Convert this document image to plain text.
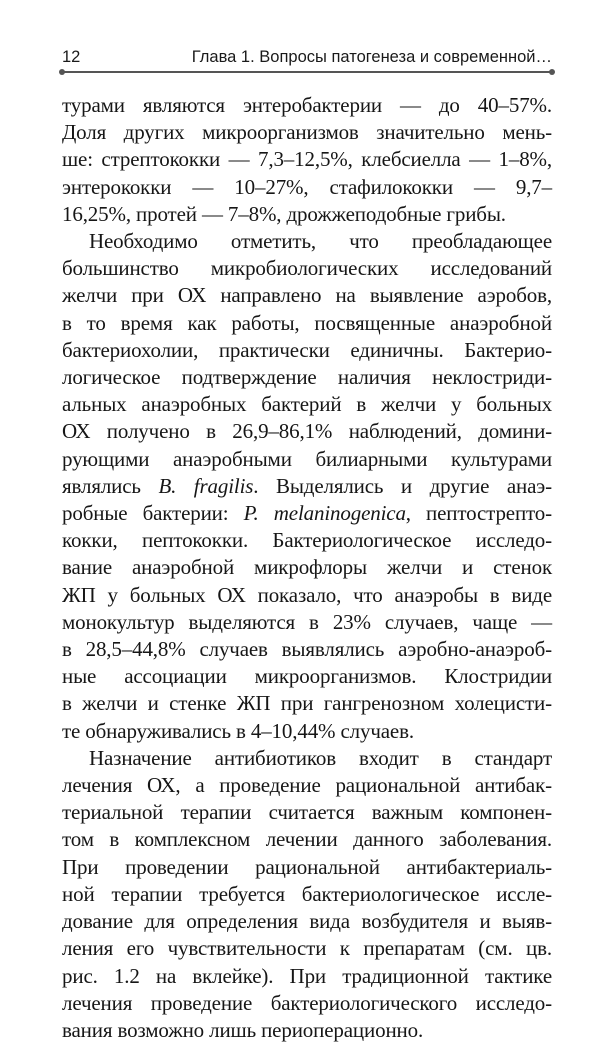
12	Глава 1. Вопросы патогенеза и современной…
турами являются энтеробактерии — до 40–57%.
Доля других микроорганизмов значительно мень-
ше: стрептококки — 7,3–12,5%, клебсиелла — 1–8%,
энтерококки — 10–27%, стафилококки — 9,7–
16,25%, протей — 7–8%, дрожжеподобные грибы.
Необходимо отметить, что преобладающее
большинство микробиологических исследований
желчи при ОХ направлено на выявление аэробов,
в то время как работы, посвященные анаэробной
бактериохолии, практически единичны. Бактерио-
логическое подтверждение наличия неклостриди-
альных анаэробных бактерий в желчи у больных
ОХ получено в 26,9–86,1% наблюдений, домини-
рующими анаэробными билиарными культурами
являлись B. fragilis. Выделялись и другие анаэ-
робные бактерии: P. melaninogenica, пептострепто-
кокки, пептококки. Бактериологическое исследо-
вание анаэробной микрофлоры желчи и стенок
ЖП у больных ОХ показало, что анаэробы в виде
монокультур выделяются в 23% случаев, чаще —
в 28,5–44,8% случаев выявлялись аэробно-анаэроб-
ные ассоциации микроорганизмов. Клостридии
в желчи и стенке ЖП при гангренозном холецисти-
те обнаруживались в 4–10,44% случаев.
Назначение антибиотиков входит в стандарт
лечения ОХ, а проведение рациональной антибак-
териальной терапии считается важным компонен-
том в комплексном лечении данного заболевания.
При проведении рациональной антибактериаль-
ной терапии требуется бактериологическое иссле-
дование для определения вида возбудителя и выяв-
ления его чувствительности к препаратам (см. цв.
рис. 1.2 на вклейке). При традиционной тактике
лечения проведение бактериологического исследо-
вания возможно лишь периоперационно.
